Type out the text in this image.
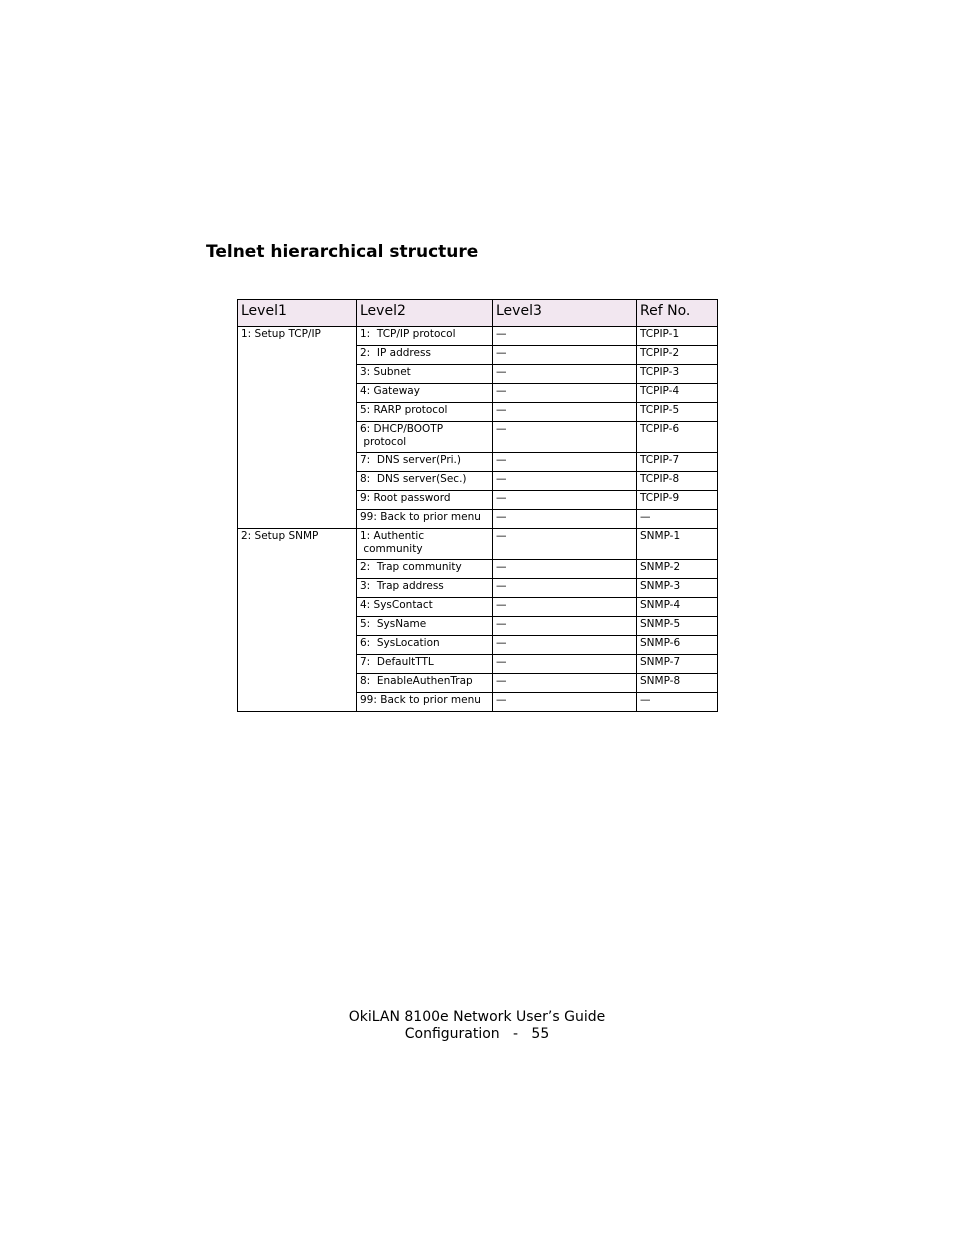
Telnet hierarchical structure
Level1	Level2	Level3	Ref No.
1: Setup TCP/IP	1:  TCP/IP protocol	—	TCPIP-1
	2:  IP address	—	TCPIP-2
	3: Subnet	—	TCPIP-3
	4: Gateway	—	TCPIP-4
	5: RARP protocol	—	TCPIP-5
	6: DHCP/BOOTP
protocol	—	TCPIP-6
	7:  DNS server(Pri.)	—	TCPIP-7
	8:  DNS server(Sec.)	—	TCPIP-8
	9: Root password	—	TCPIP-9
	99: Back to prior menu	—	—
2: Setup SNMP	1: Authentic
community	—	SNMP-1
	2:  Trap community	—	SNMP-2
	3:  Trap address	—	SNMP-3
	4: SysContact	—	SNMP-4
	5:  SysName	—	SNMP-5
	6:  SysLocation	—	SNMP-6
	7:  DefaultTTL	—	SNMP-7
	8:  EnableAuthenTrap	—	SNMP-8
	99: Back to prior menu	—	—
OkiLAN 8100e Network User’s Guide
Configuration   -   55
